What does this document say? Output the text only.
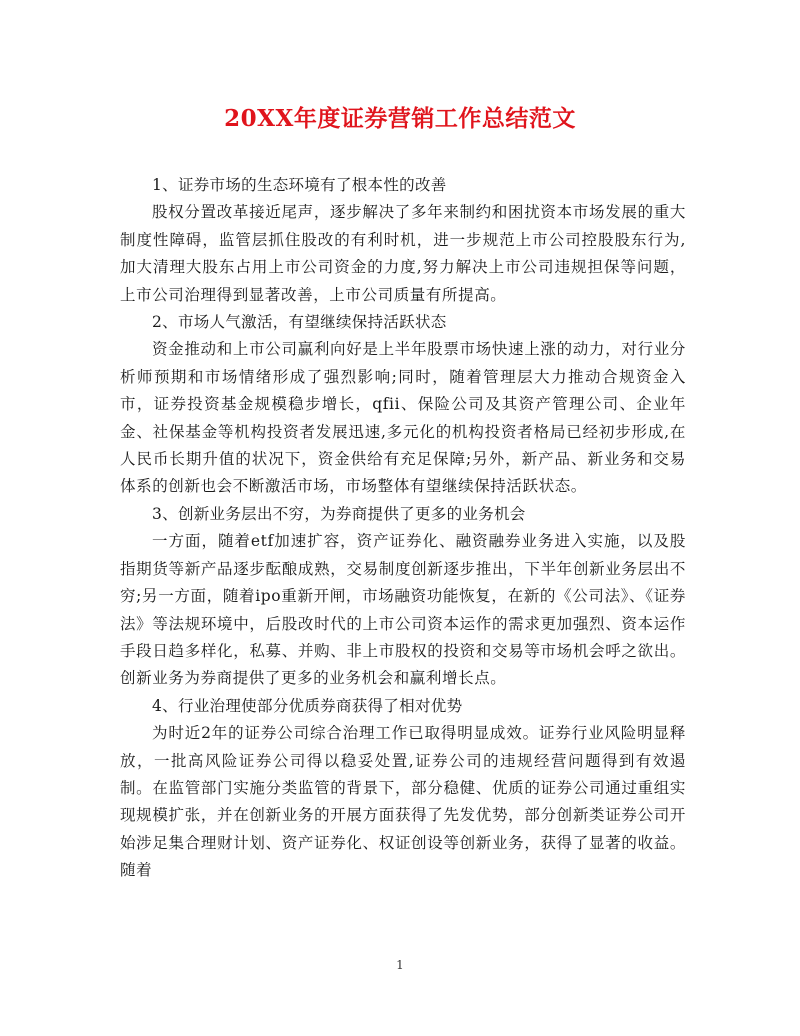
20XX年度证券营销工作总结范文

1、证券市场的生态环境有了根本性的改善

股权分置改革接近尾声，逐步解决了多年来制约和困扰资本市场发展的重大制度性障碍，监管层抓住股改的有利时机，进一步规范上市公司控股股东行为,加大清理大股东占用上市公司资金的力度,努力解决上市公司违规担保等问题，上市公司治理得到显著改善，上市公司质量有所提高。

2、市场人气激活，有望继续保持活跃状态

资金推动和上市公司赢利向好是上半年股票市场快速上涨的动力，对行业分析师预期和市场情绪形成了强烈影响;同时，随着管理层大力推动合规资金入市，证券投资基金规模稳步增长，qfii、保险公司及其资产管理公司、企业年金、社保基金等机构投资者发展迅速,多元化的机构投资者格局已经初步形成,在人民币长期升值的状况下，资金供给有充足保障;另外，新产品、新业务和交易体系的创新也会不断激活市场，市场整体有望继续保持活跃状态。

3、创新业务层出不穷，为券商提供了更多的业务机会

一方面，随着etf加速扩容，资产证券化、融资融券业务进入实施，以及股指期货等新产品逐步酝酿成熟，交易制度创新逐步推出，下半年创新业务层出不穷;另一方面，随着ipo重新开闸，市场融资功能恢复，在新的《公司法》、《证券法》等法规环境中，后股改时代的上市公司资本运作的需求更加强烈、资本运作手段日趋多样化，私募、并购、非上市股权的投资和交易等市场机会呼之欲出。创新业务为券商提供了更多的业务机会和赢利增长点。

4、行业治理使部分优质券商获得了相对优势

为时近2年的证券公司综合治理工作已取得明显成效。证券行业风险明显释放，一批高风险证券公司得以稳妥处置,证券公司的违规经营问题得到有效遏制。在监管部门实施分类监管的背景下，部分稳健、优质的证券公司通过重组实现规模扩张，并在创新业务的开展方面获得了先发优势，部分创新类证券公司开始涉足集合理财计划、资产证券化、权证创设等创新业务，获得了显著的收益。随着

1
